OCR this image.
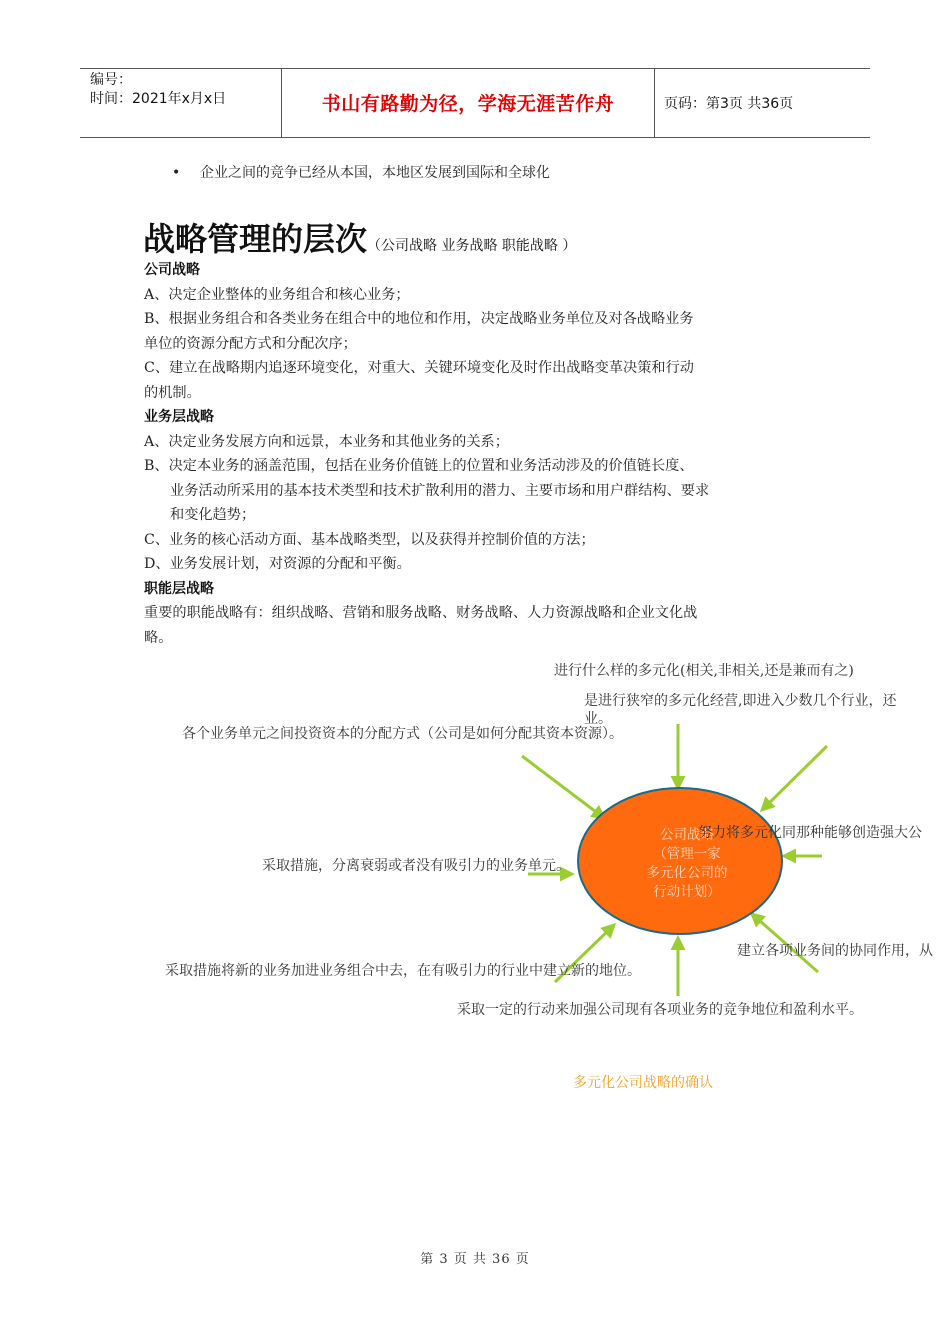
编号：
时间：2021年x月x日	书山有路勤为径，学海无涯苦作舟	页码：第3页 共36页
• 企业之间的竞争已经从本国，本地区发展到国际和全球化
战略管理的层次（公司战略 业务战略 职能战略 ）
公司战略
A、决定企业整体的业务组合和核心业务；
B、根据业务组合和各类业务在组合中的地位和作用，决定战略业务单位及对各战略业务
单位的资源分配方式和分配次序；
C、建立在战略期内追逐环境变化，对重大、关键环境变化及时作出战略变革决策和行动
的机制。
业务层战略
A、决定业务发展方向和远景，本业务和其他业务的关系；
B、决定本业务的涵盖范围，包括在业务价值链上的位置和业务活动涉及的价值链长度、
业务活动所采用的基本技术类型和技术扩散利用的潜力、主要市场和用户群结构、要求
和变化趋势；
C、业务的核心活动方面、基本战略类型，以及获得并控制价值的方法；
D、业务发展计划，对资源的分配和平衡。
职能层战略
重要的职能战略有：组织战略、营销和服务战略、财务战略、人力资源战略和企业文化战
略。
公司战略
（管理一家
多元化公司的
行动计划）
进行什么样的多元化(相关,非相关,还是兼而有之)
是进行狭窄的多元化经营,即进入少数几个行业，还
业。
各个业务单元之间投资资本的分配方式（公司是如何分配其资本资源）。
努力将多元化同那种能够创造强大公
采取措施，分离衰弱或者没有吸引力的业务单元。
建立各项业务间的协同作用，从
采取措施将新的业务加进业务组合中去，在有吸引力的行业中建立新的地位。
采取一定的行动来加强公司现有各项业务的竞争地位和盈利水平。
多元化公司战略的确认
第 3 页 共 36 页
